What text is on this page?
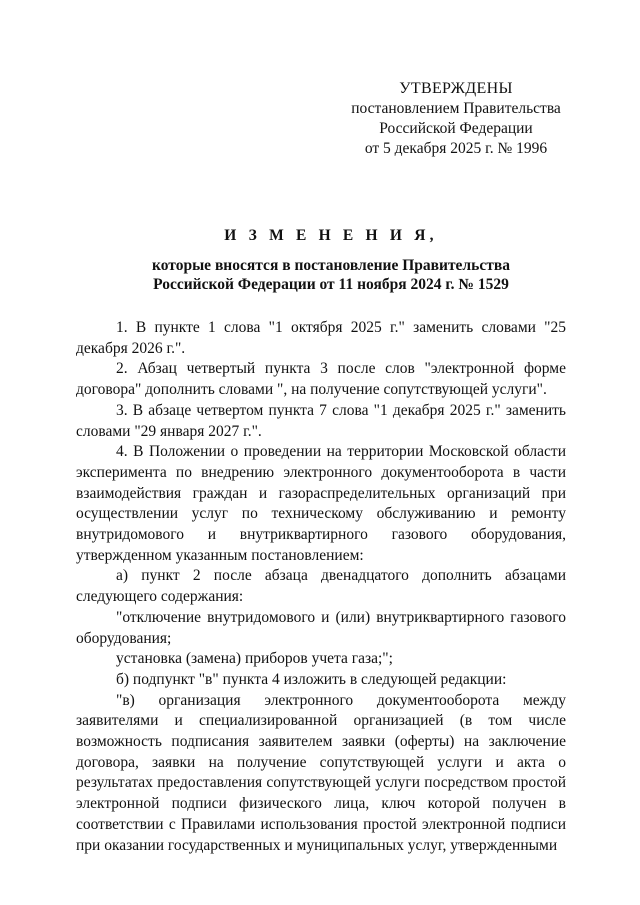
УТВЕРЖДЕНЫ
постановлением Правительства
Российской Федерации
от 5 декабря 2025 г. № 1996
И З М Е Н Е Н И Я,
которые вносятся в постановление Правительства
Российской Федерации от 11 ноября 2024 г. № 1529

1. В пункте 1 слова "1 октября 2025 г." заменить словами "25 декабря 2026 г.".

2. Абзац четвертый пункта 3 после слов "электронной форме договора" дополнить словами ", на получение сопутствующей услуги".

3. В абзаце четвертом пункта 7 слова "1 декабря 2025 г." заменить словами "29 января 2027 г.".

4. В Положении о проведении на территории Московской области эксперимента по внедрению электронного документооборота в части взаимодействия граждан и газораспределительных организаций при осуществлении услуг по техническому обслуживанию и ремонту внутридомового и внутриквартирного газового оборудования, утвержденном указанным постановлением:

а) пункт 2 после абзаца двенадцатого дополнить абзацами следующего содержания:

"отключение внутридомового и (или) внутриквартирного газового оборудования;

установка (замена) приборов учета газа;";

б) подпункт "в" пункта 4 изложить в следующей редакции:

"в) организация электронного документооборота между заявителями и специализированной организацией (в том числе возможность подписания заявителем заявки (оферты) на заключение договора, заявки на получение сопутствующей услуги и акта о результатах предоставления сопутствующей услуги посредством простой электронной подписи физического лица, ключ которой получен в соответствии с Правилами использования простой электронной подписи при оказании государственных и муниципальных услуг, утвержденными
